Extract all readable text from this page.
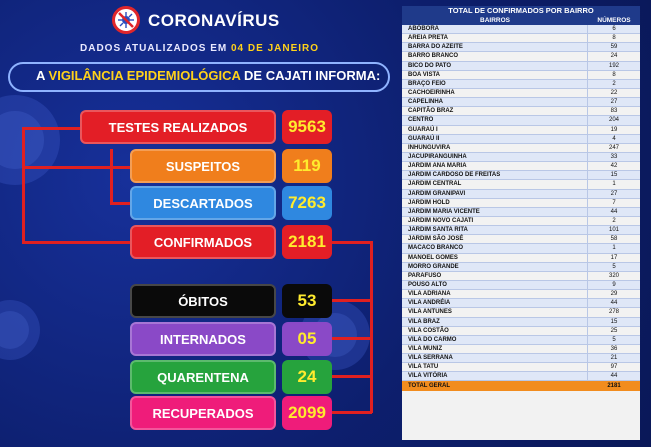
CORONAVÍRUS
DADOS ATUALIZADOS EM 04 DE JANEIRO
A VIGILÂNCIA EPIDEMIOLÓGICA DE CAJATI INFORMA:
TESTES REALIZADOS	9563
SUSPEITOS	119
DESCARTADOS	7263
CONFIRMADOS	2181
ÓBITOS	53
INTERNADOS	05
QUARENTENA	24
RECUPERADOS	2099
TOTAL DE CONFIRMADOS POR BAIRRO
BAIRROS	NÚMEROS
ABÓBORA	6
AREIA PRETA	8
BARRA DO AZEITE	59
BARRO BRANCO	24
BICO DO PATO	192
BOA VISTA	8
BRAÇO FEIO	2
CACHOEIRINHA	22
CAPELINHA	27
CAPITÃO BRAZ	83
CENTRO	204
GUARAÚ I	19
GUARAÚ II	4
INHUNGUVIRA	247
JACUPIRANGUINHA	33
JARDIM ANA MARIA	42
JARDIM CARDOSO DE FREITAS	15
JARDIM CENTRAL	1
JARDIM GRANIPAVI	27
JARDIM HOLD	7
JARDIM MARIA VICENTE	44
JARDIM NOVO CAJATI	2
JARDIM SANTA RITA	101
JARDIM SÃO JOSÉ	58
MACACO BRANCO	1
MANOEL GOMES	17
MORRO GRANDE	5
PARAFUSO	320
POUSO ALTO	9
VILA ADRIANA	29
VILA ANDRÉIA	44
VILA ANTUNES	278
VILA BRAZ	15
VILA COSTÃO	25
VILA DO CARMO	5
VILA MUNIZ	36
VILA SERRANA	21
VILA TATU	97
VILA VITÓRIA	44
TOTAL GERAL	2181
